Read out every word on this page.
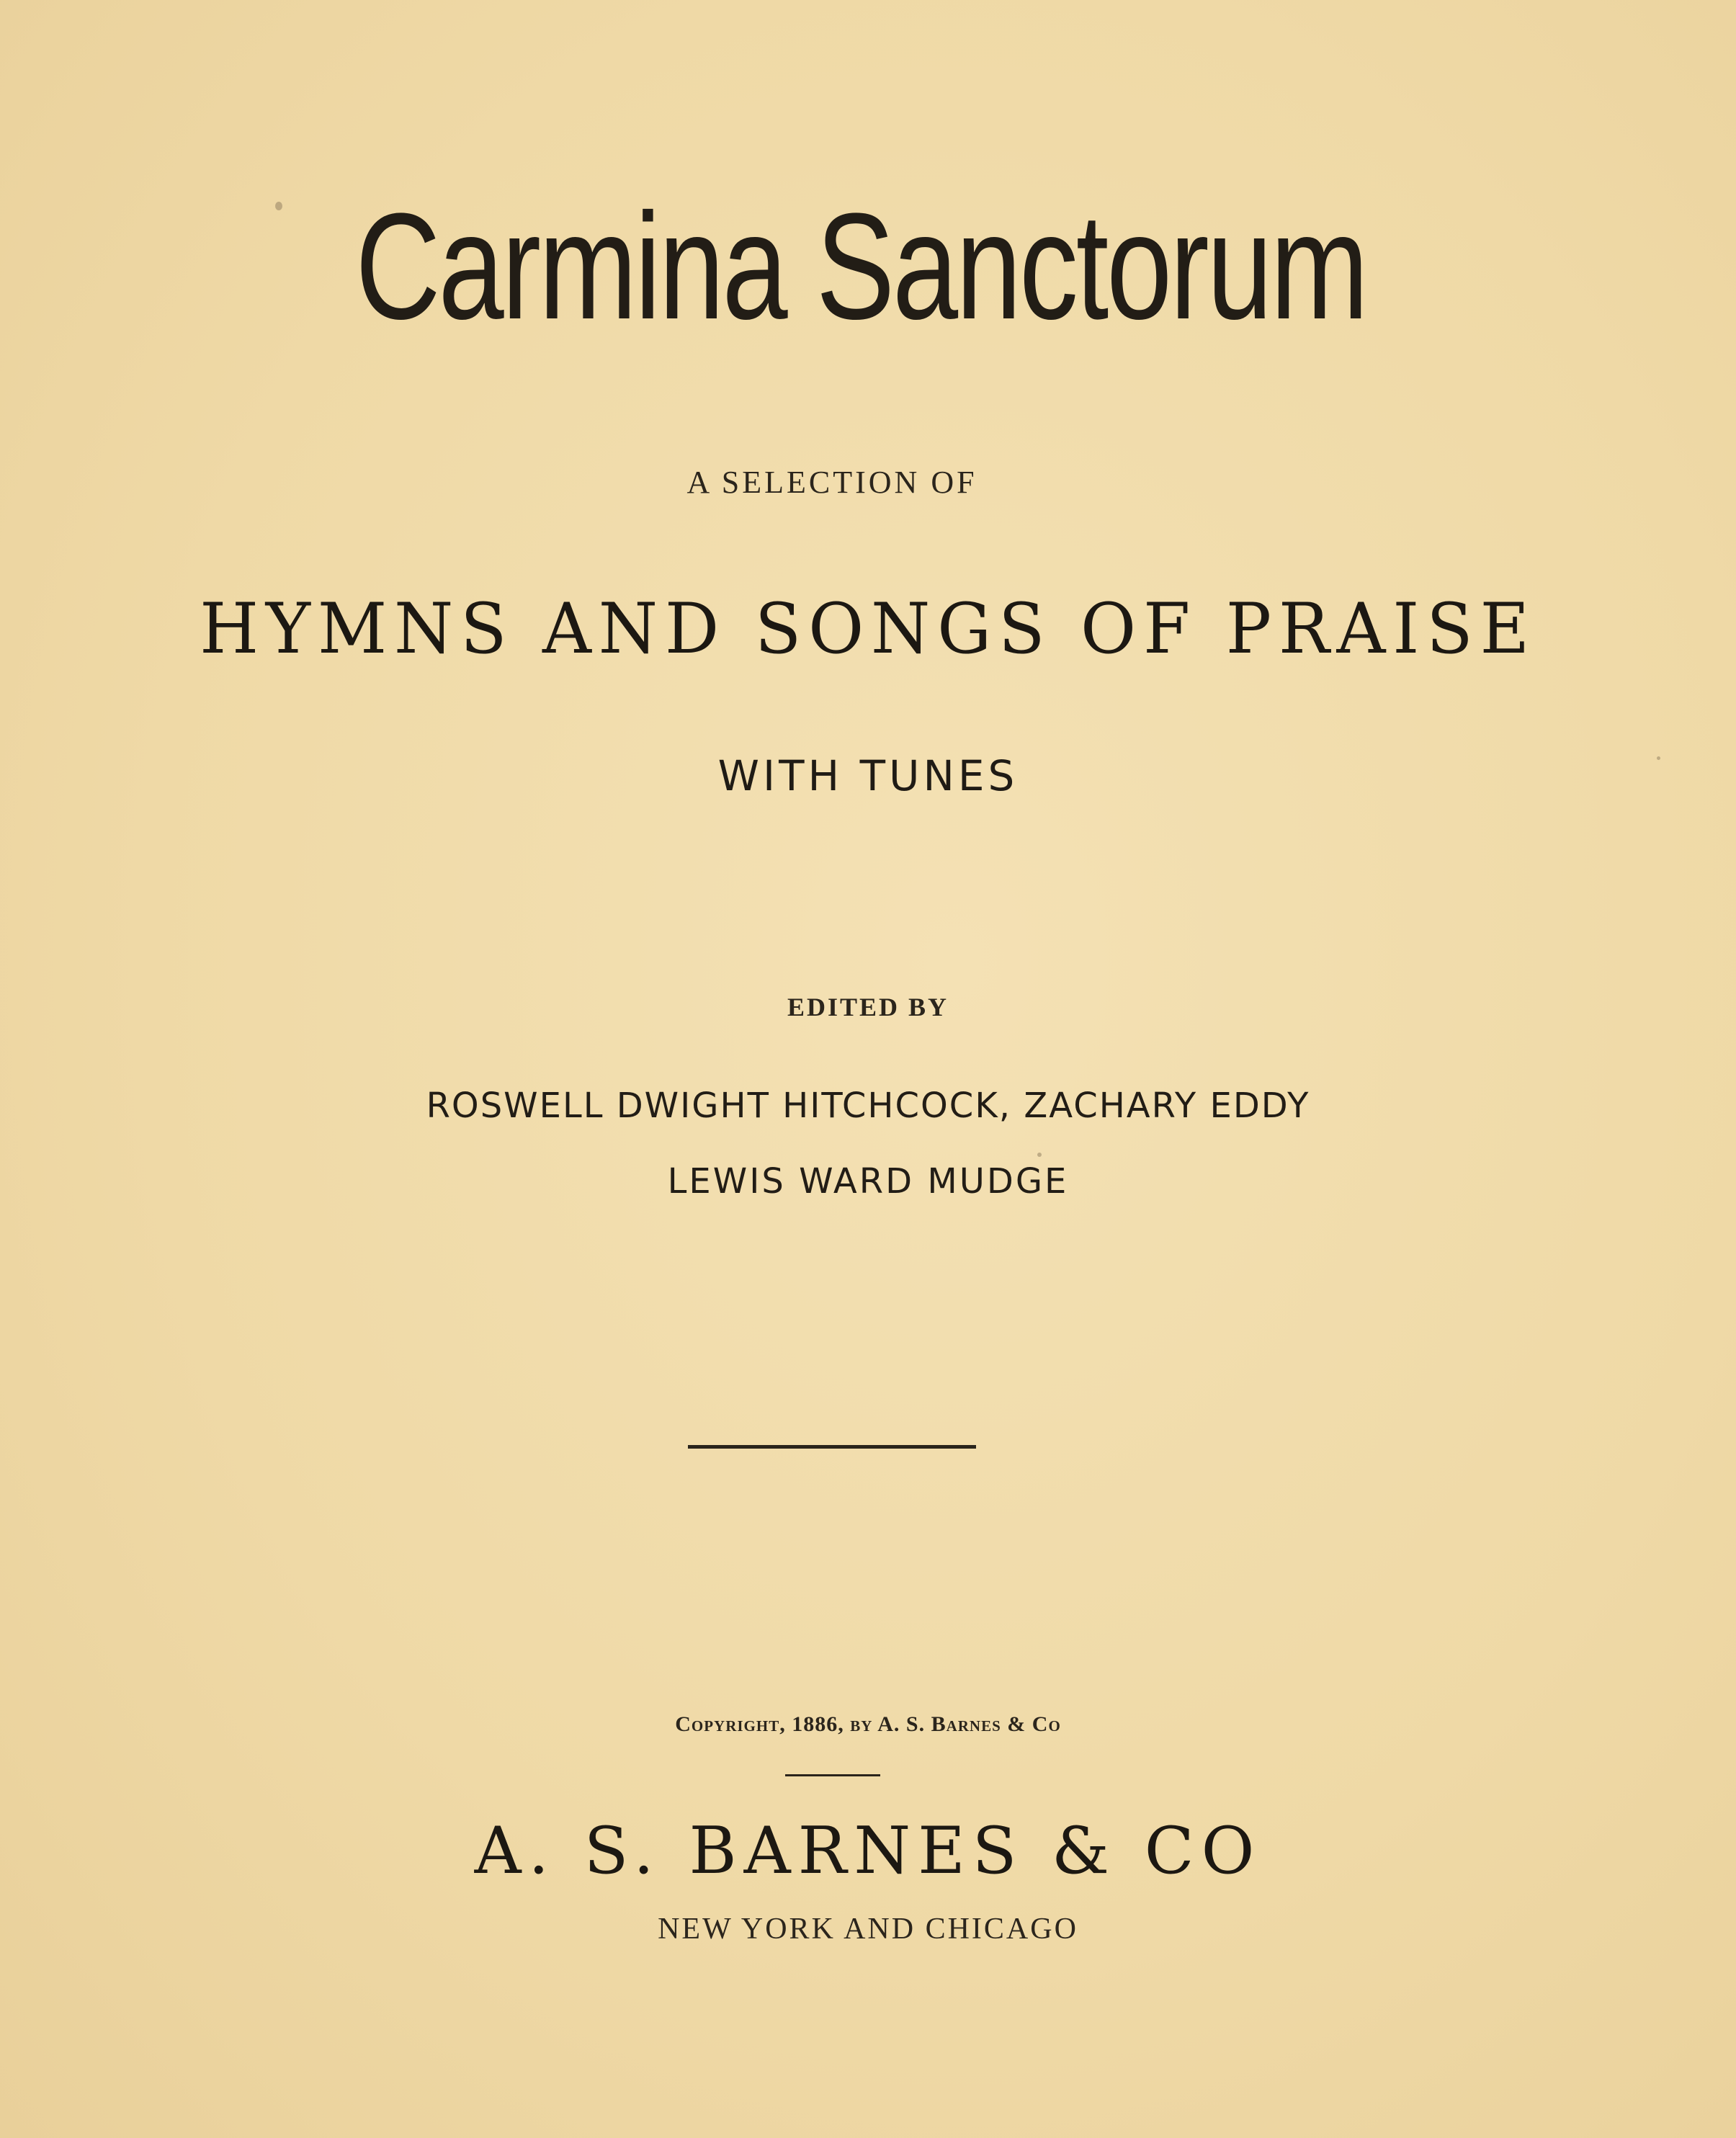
Carmina Sanctorum
A SELECTION OF
HYMNS AND SONGS OF PRAISE
WITH TUNES
EDITED BY
ROSWELL DWIGHT HITCHCOCK, ZACHARY EDDY
LEWIS WARD MUDGE
Copyright, 1886, by A. S. Barnes & Co
A. S. BARNES & CO
NEW YORK AND CHICAGO
